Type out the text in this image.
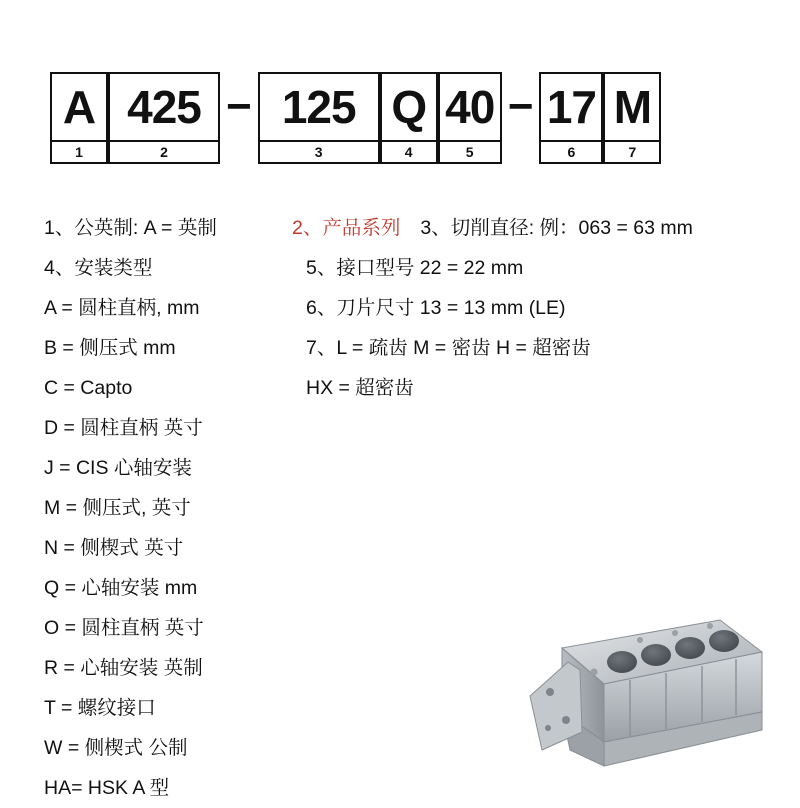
A
1
425
2
− 125
3
Q
4
40
5
− 17
6
M
7
1、公英制: A = 英制
4、安装类型
A = 圆柱直柄, mm
B = 侧压式 mm
C = Capto
D = 圆柱直柄 英寸
J = CIS 心轴安装
M = 侧压式, 英寸
N = 侧楔式 英寸
Q = 心轴安装 mm
O = 圆柱直柄 英寸
R = 心轴安装 英制
T = 螺纹接口
W = 侧楔式 公制
HA= HSK A 型
2、产品系列 3、切削直径: 例：063 = 63 mm
5、接口型号 22 = 22 mm
6、刀片尺寸 13 = 13 mm (LE)
7、L = 疏齿 M = 密齿 H = 超密齿
HX = 超密齿
